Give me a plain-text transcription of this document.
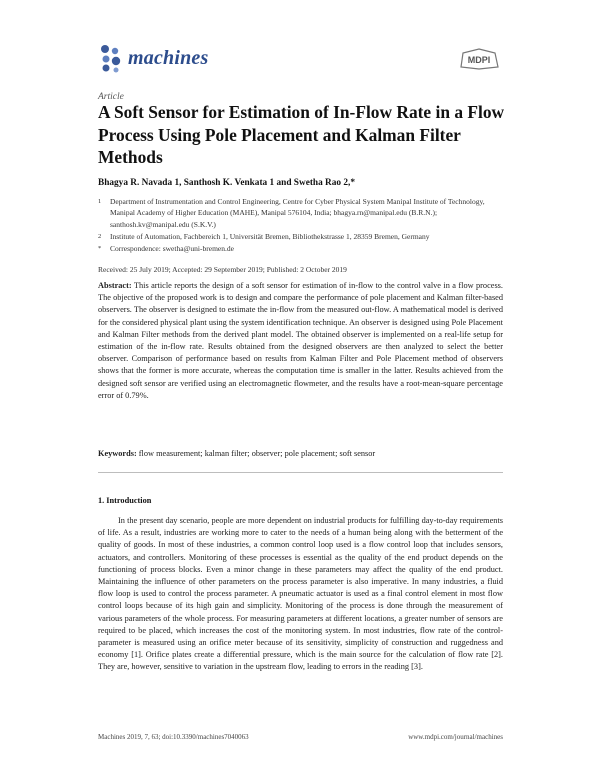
machines	MDPI
Article
A Soft Sensor for Estimation of In-Flow Rate in a Flow Process Using Pole Placement and Kalman Filter Methods
Bhagya R. Navada 1, Santhosh K. Venkata 1 and Swetha Rao 2,*
1 Department of Instrumentation and Control Engineering, Centre for Cyber Physical System Manipal Institute of Technology, Manipal Academy of Higher Education (MAHE), Manipal 576104, India; bhagya.rn@manipal.edu (B.R.N.); santhosh.kv@manipal.edu (S.K.V.)
2 Institute of Automation, Fachbereich 1, Universität Bremen, Bibliothekstrasse 1, 28359 Bremen, Germany
* Correspondence: swetha@uni-bremen.de
Received: 25 July 2019; Accepted: 29 September 2019; Published: 2 October 2019
Abstract: This article reports the design of a soft sensor for estimation of in-flow to the control valve in a flow process. The objective of the proposed work is to design and compare the performance of pole placement and Kalman filter-based observers. The observer is designed to estimate the in-flow from the measured out-flow. A mathematical model is derived for the considered physical plant using the system identification technique. An observer is designed using Pole Placement and Kalman Filter methods from the derived plant model. The obtained observer is implemented on a real-life setup for estimation of the in-flow rate. Results obtained from the designed observers are then analyzed to select the better observer. Comparison of performance based on results from Kalman Filter and Pole Placement method of observers shows that the former is more accurate, whereas the computation time is smaller in the latter. Results achieved from the designed soft sensor are verified using an electromagnetic flowmeter, and the results have a root-mean-square percentage error of 0.79%.
Keywords: flow measurement; kalman filter; observer; pole placement; soft sensor
1. Introduction
In the present day scenario, people are more dependent on industrial products for fulfilling day-to-day requirements of life. As a result, industries are working more to cater to the needs of a human being along with the betterment of the quality of goods. In most of these industries, a common control loop used is a flow control loop that includes sensors, actuators, and controllers. Monitoring of these processes is essential as the quality of the end product depends on the functioning of process blocks. Even a minor change in these parameters may affect the quality of the end product. Maintaining the influence of other parameters on the process parameter is also imperative. In many industries, a fluid flow loop is used to control the process parameter. A pneumatic actuator is used as a final control element in most flow control loops because of its high gain and simplicity. Monitoring of the process is done through the measurement of various parameters of the whole process. For measuring parameters at different locations, a greater number of sensors are required to be placed, which increases the cost of the monitoring system. In most industries, flow rate of the control-parameter is measured using an orifice meter because of its sensitivity, simplicity of construction and ruggedness and economy [1]. Orifice plates create a differential pressure, which is the main source for the calculation of flow rate [2]. They are, however, sensitive to variation in the upstream flow, leading to errors in the reading [3].
Machines 2019, 7, 63; doi:10.3390/machines7040063	www.mdpi.com/journal/machines
